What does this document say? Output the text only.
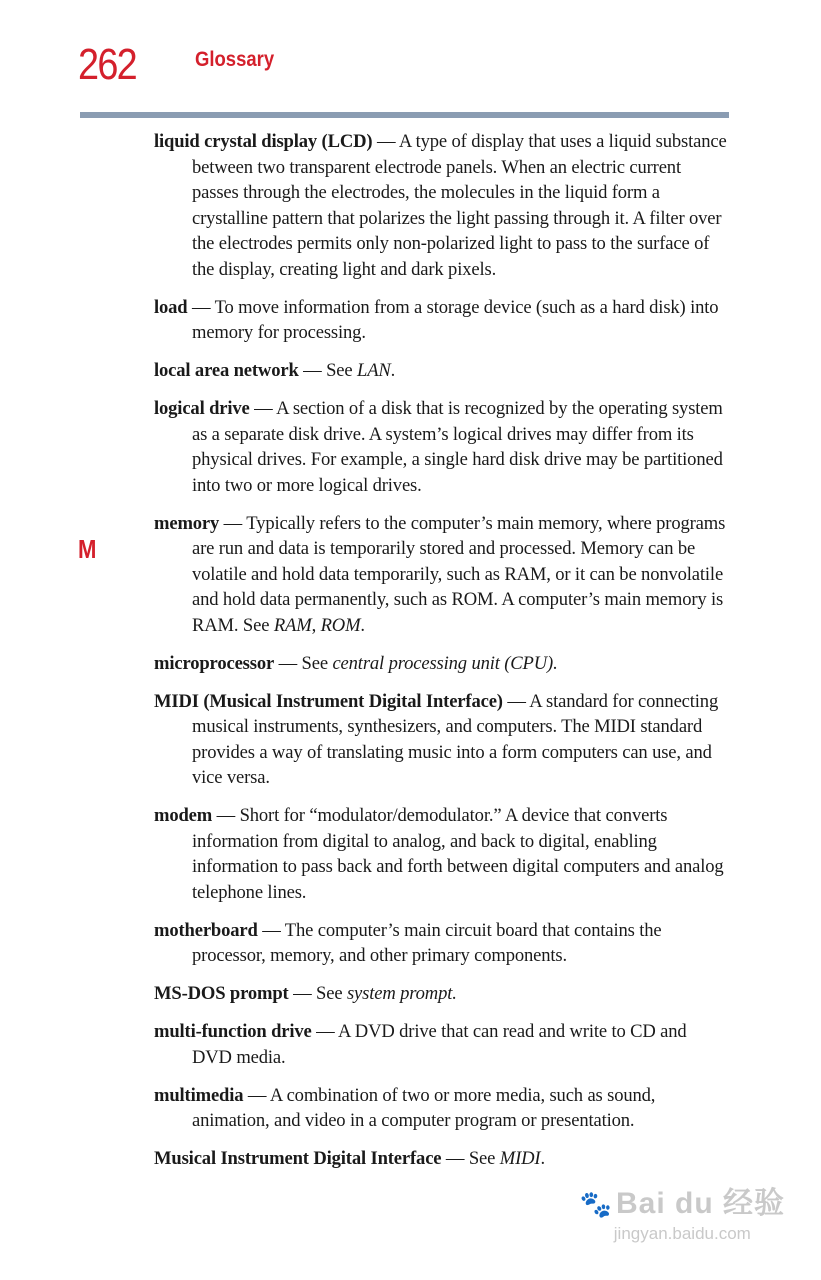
262	Glossary
M

liquid crystal display (LCD) — A type of display that uses a liquid substance between two transparent electrode panels. When an electric current passes through the electrodes, the molecules in the liquid form a crystalline pattern that polarizes the light passing through it. A filter over the electrodes permits only non-polarized light to pass to the surface of the display, creating light and dark pixels.

load — To move information from a storage device (such as a hard disk) into memory for processing.

local area network — See LAN.

logical drive — A section of a disk that is recognized by the operating system as a separate disk drive. A system’s logical drives may differ from its physical drives. For example, a single hard disk drive may be partitioned into two or more logical drives.

memory — Typically refers to the computer’s main memory, where programs are run and data is temporarily stored and processed. Memory can be volatile and hold data temporarily, such as RAM, or it can be nonvolatile and hold data permanently, such as ROM. A computer’s main memory is RAM. See RAM, ROM.

microprocessor — See central processing unit (CPU).

MIDI (Musical Instrument Digital Interface) — A standard for connecting musical instruments, synthesizers, and computers. The MIDI standard provides a way of translating music into a form computers can use, and vice versa.

modem — Short for “modulator/demodulator.” A device that converts information from digital to analog, and back to digital, enabling information to pass back and forth between digital computers and analog telephone lines.

motherboard — The computer’s main circuit board that contains the processor, memory, and other primary components.

MS-DOS prompt — See system prompt.

multi-function drive — A DVD drive that can read and write to CD and DVD media.

multimedia — A combination of two or more media, such as sound, animation, and video in a computer program or presentation.

Musical Instrument Digital Interface — See MIDI.

🐾 Bai du 经验
jingyan.baidu.com
